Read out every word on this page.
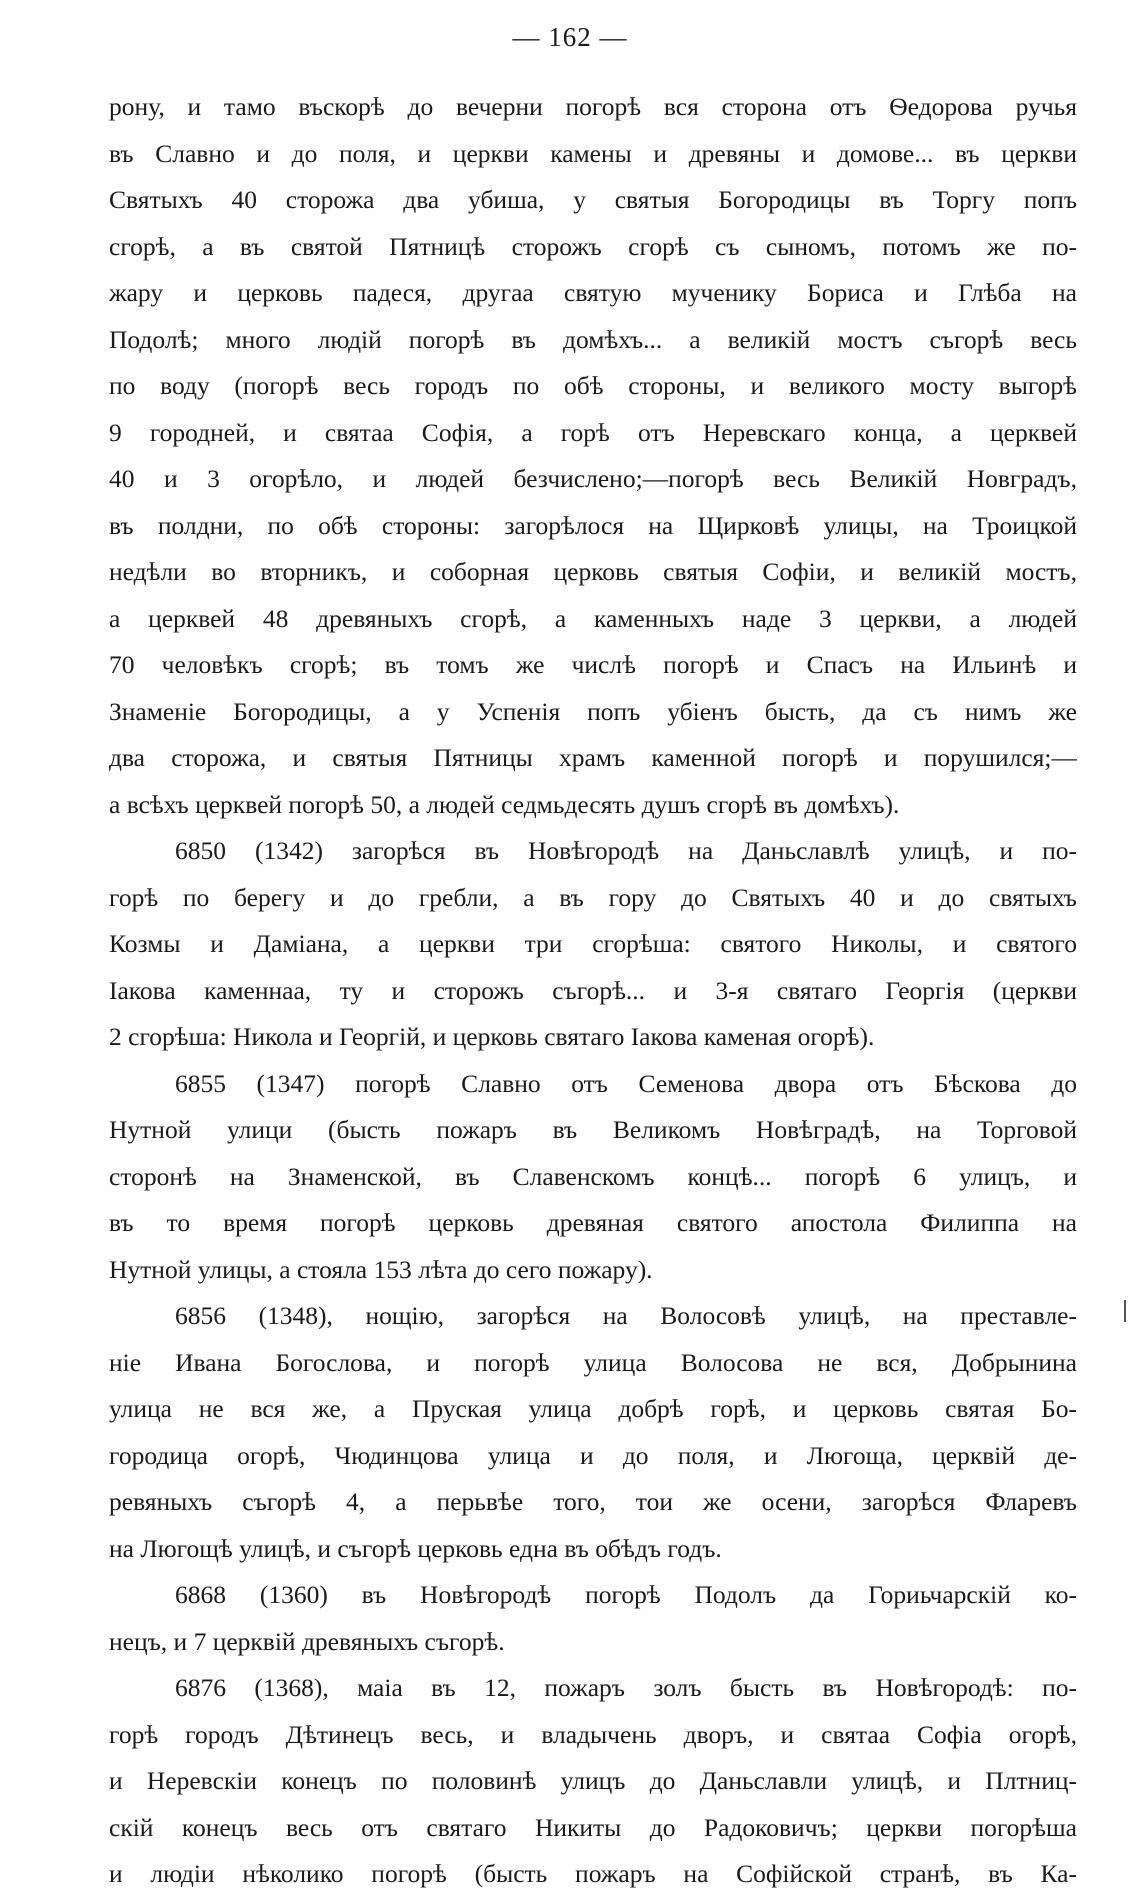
— 162 —
рону, и тамо въскорѣ до вечерни погорѣ вся сторона отъ Ѳедорова ручья
въ Славно и до поля, и церкви камены и древяны и домове... въ церкви
Святыхъ 40 сторожа два убиша, у святыя Богородицы въ Торгу попъ
сгорѣ, а въ святой Пятницѣ сторожъ сгорѣ съ сыномъ, потомъ же по-
жару и церковь падеся, другаа святую мученику Бориса и Глѣба на
Подолѣ; много людій погорѣ въ домѣхъ... а великій мостъ съгорѣ весь
по воду (погорѣ весь городъ по обѣ стороны, и великого мосту выгорѣ
9 городней, и святаа Софія, а горѣ отъ Неревскаго конца, а церквей
40 и 3 огорѣло, и людей безчислено;—погорѣ весь Великій Новградъ,
въ полдни, по обѣ стороны: загорѣлося на Щирковѣ улицы, на Троицкой
недѣли во вторникъ, и соборная церковь святыя Софіи, и великій мостъ,
а церквей 48 древяныхъ сгорѣ, а каменныхъ наде 3 церкви, а людей
70 человѣкъ сгорѣ; въ томъ же числѣ погорѣ и Спасъ на Ильинѣ и
Знаменіе Богородицы, а у Успенія попъ убіенъ бысть, да съ нимъ же
два сторожа, и святыя Пятницы храмъ каменной погорѣ и порушился;—
а всѣхъ церквей погорѣ 50, а людей седмьдесять душъ сгорѣ въ домѣхъ).
6850 (1342) загорѣся въ Новѣгородѣ на Даньславлѣ улицѣ, и по-
горѣ по берегу и до гребли, а въ гору до Святыхъ 40 и до святыхъ
Козмы и Даміана, а церкви три сгорѣша: святого Николы, и святого
Іакова каменнаа, ту и сторожъ съгорѣ... и 3-я святаго Георгія (церкви
2 сгорѣша: Никола и Георгій, и церковь святаго Іакова каменая огорѣ).
6855 (1347) погорѣ Славно отъ Семенова двора отъ Бѣскова до
Нутной улици (бысть пожаръ въ Великомъ Новѣградѣ, на Торговой
сторонѣ на Знаменской, въ Славенскомъ концѣ... погорѣ 6 улицъ, и
въ то время погорѣ церковь древяная святого апостола Филиппа на
Нутной улицы, а стояла 153 лѣта до сего пожару).
6856 (1348), нощію, загорѣся на Волосовѣ улицѣ, на преставле-
ніе Ивана Богослова, и погорѣ улица Волосова не вся, Добрынина
улица не вся же, а Пруская улица добрѣ горѣ, и церковь святая Бо-
городица огорѣ, Чюдинцова улица и до поля, и Люгоща, церквій де-
ревяныхъ съгорѣ 4, а перьвѣе того, тои же осени, загорѣся Фларевъ
на Люгощѣ улицѣ, и съгорѣ церковь една въ обѣдъ годъ.
6868 (1360) въ Новѣгородѣ погорѣ Подолъ да Гориьчарскій ко-
нецъ, и 7 церквій древяныхъ съгорѣ.
6876 (1368), маіа въ 12, пожаръ золъ бысть въ Новѣгородѣ: по-
горѣ городъ Дѣтинецъ весь, и владычень дворъ, и святаа Софіа огорѣ,
и Неревскіи конецъ по половинѣ улицъ до Даньславли улицѣ, и Плтниц-
скій конецъ весь отъ святаго Никиты до Радоковичъ; церкви погорѣша
и людіи нѣколико погорѣ (бысть пожаръ на Софійской странѣ, въ Ка-
